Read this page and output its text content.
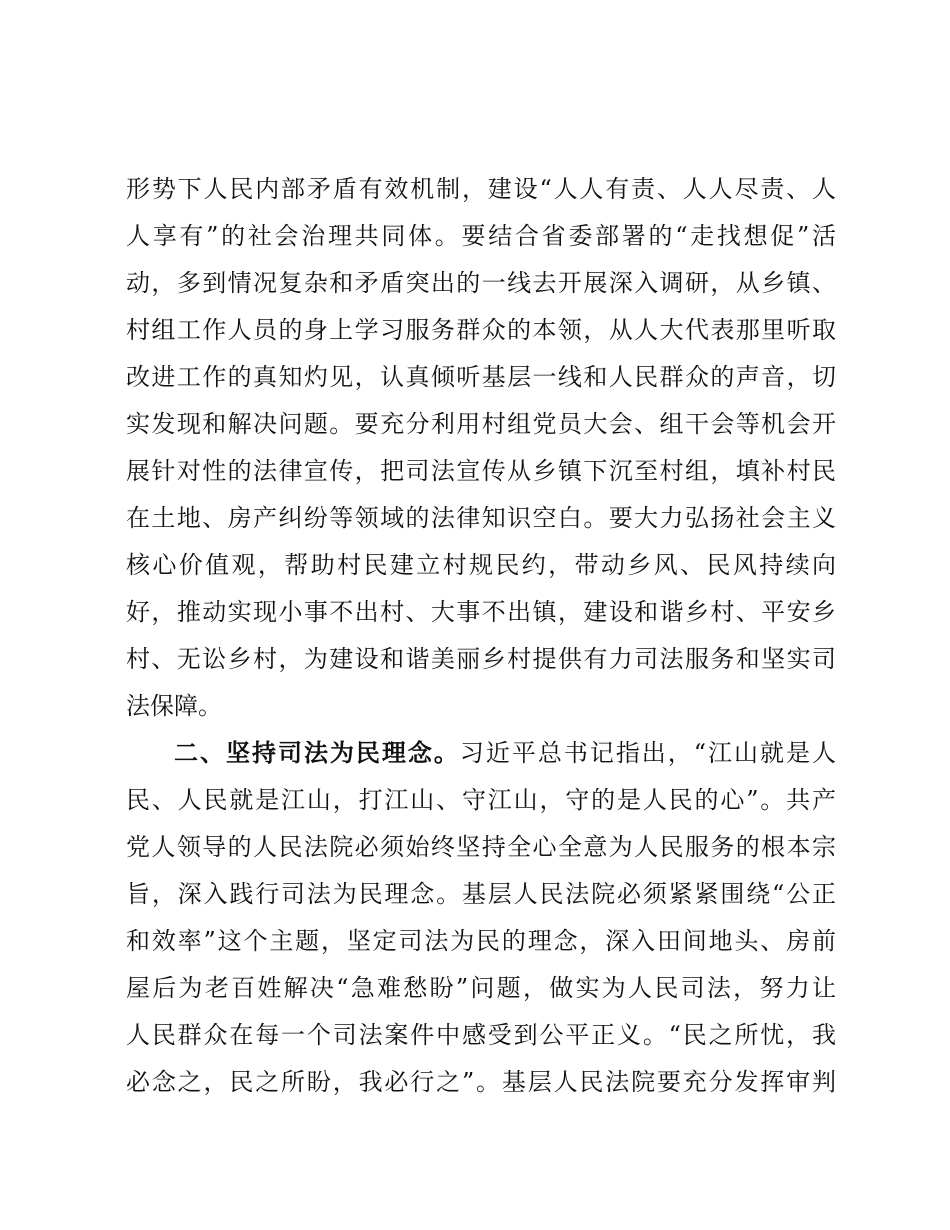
形势下人民内部矛盾有效机制，建设“人人有责、人人尽责、人
人享有”的社会治理共同体。要结合省委部署的“走找想促”活
动，多到情况复杂和矛盾突出的一线去开展深入调研，从乡镇、
村组工作人员的身上学习服务群众的本领，从人大代表那里听取
改进工作的真知灼见，认真倾听基层一线和人民群众的声音，切
实发现和解决问题。要充分利用村组党员大会、组干会等机会开
展针对性的法律宣传，把司法宣传从乡镇下沉至村组，填补村民
在土地、房产纠纷等领域的法律知识空白。要大力弘扬社会主义
核心价值观，帮助村民建立村规民约，带动乡风、民风持续向
好，推动实现小事不出村、大事不出镇，建设和谐乡村、平安乡
村、无讼乡村，为建设和谐美丽乡村提供有力司法服务和坚实司
法保障。
二、坚持司法为民理念。习近平总书记指出，“江山就是人
民、人民就是江山，打江山、守江山，守的是人民的心”。共产
党人领导的人民法院必须始终坚持全心全意为人民服务的根本宗
旨，深入践行司法为民理念。基层人民法院必须紧紧围绕“公正
和效率”这个主题，坚定司法为民的理念，深入田间地头、房前
屋后为老百姓解决“急难愁盼”问题，做实为人民司法，努力让
人民群众在每一个司法案件中感受到公平正义。“民之所忧，我
必念之，民之所盼，我必行之”。基层人民法院要充分发挥审判
